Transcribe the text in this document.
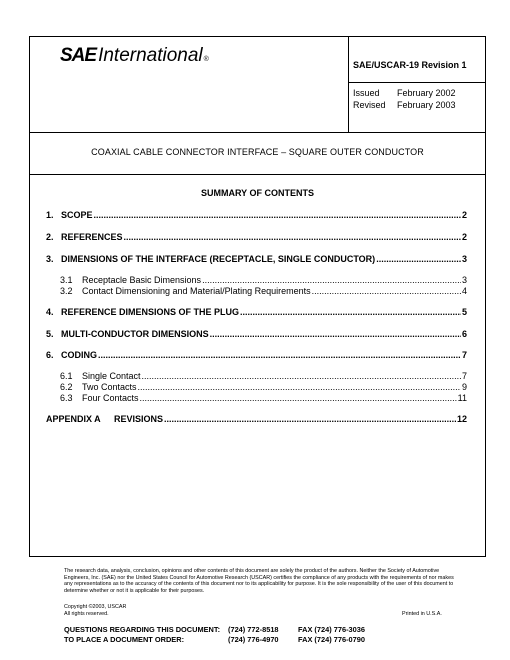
SAE International ®
SAE/USCAR-19 Revision 1
Issued	February 2002
Revised	February 2003
COAXIAL CABLE CONNECTOR INTERFACE – SQUARE OUTER CONDUCTOR
SUMMARY OF CONTENTS
1. SCOPE .....	2
2. REFERENCES .....	2
3. DIMENSIONS OF THE INTERFACE (RECEPTACLE, SINGLE CONDUCTOR) .....	3
3.1	Receptacle Basic Dimensions .....	3
3.2	Contact Dimensioning and Material/Plating Requirements .....	4
4. REFERENCE DIMENSIONS OF THE PLUG .....	5
5. MULTI-CONDUCTOR DIMENSIONS .....	6
6. CODING .....	7
6.1	Single Contact .....	7
6.2	Two Contacts .....	9
6.3	Four Contacts .....	11
APPENDIX A	REVISIONS .....	12
The research data, analysis, conclusion, opinions and other contents of this document are solely the product of the authors. Neither the Society of Automotive Engineers, Inc. (SAE) nor the United States Council for Automotive Research (USCAR) certifies the compliance of any products with the requirements of nor makes any representations as to the accuracy of the contents of this document nor to its applicability for purpose. It is the sole responsibility of the user of this document to determine whether or not it is applicable for their purposes.
Copyright ©2003, USCAR
All rights reserved.	Printed in U.S.A.
QUESTIONS REGARDING THIS DOCUMENT:	(724) 772-8518	FAX (724) 776-3036
TO PLACE A DOCUMENT ORDER:	(724) 776-4970	FAX (724) 776-0790
